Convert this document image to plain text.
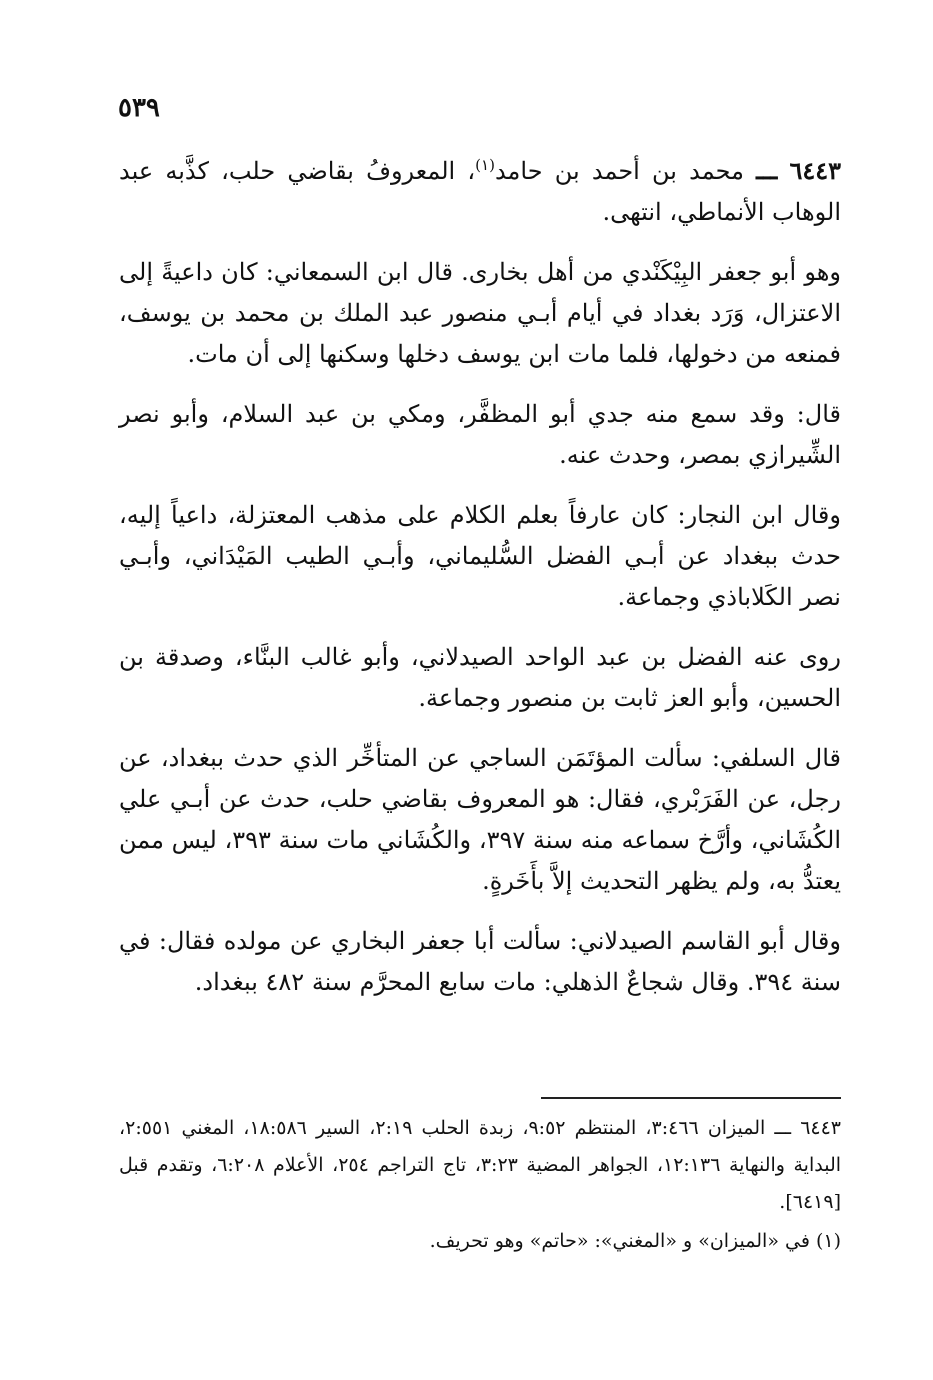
٥٣٩

٦٤٤٣ ـــ محمد بن أحمد بن حامد$^{(١)}$، المعروفُ بقاضي حلب، كذَّبه عبد الوهاب الأنماطي، انتهى.

وهو أبو جعفر البِيْكَنْدي من أهل بخارى. قال ابن السمعاني: كان داعيةً إلى الاعتزال، وَرَد بغداد في أيام أبـي منصور عبد الملك بن محمد بن يوسف، فمنعه من دخولها، فلما مات ابن يوسف دخلها وسكنها إلى أن مات.

قال: وقد سمع منه جدي أبو المظفَّر، ومكي بن عبد السلام، وأبو نصر الشِّيرازي بمصر، وحدث عنه.

وقال ابن النجار: كان عارفاً بعلم الكلام على مذهب المعتزلة، داعياً إليه، حدث ببغداد عن أبـي الفضل السُّليماني، وأبـي الطيب المَيْدَاني، وأبـي نصر الكَلاباذي وجماعة.

روى عنه الفضل بن عبد الواحد الصيدلاني، وأبو غالب البنَّاء، وصدقة بن الحسين، وأبو العز ثابت بن منصور وجماعة.

قال السلفي: سألت المؤتَمَن الساجي عن المتأخِّر الذي حدث ببغداد، عن رجل، عن الفَرَبْري، فقال: هو المعروف بقاضي حلب، حدث عن أبـي علي الكُشَاني، وأرَّخ سماعه منه سنة ٣٩٧، والكُشَاني مات سنة ٣٩٣، ليس ممن يعتدُّ به، ولم يظهر التحديث إلاَّ بأَخَرةٍ.

وقال أبو القاسم الصيدلاني: سألت أبا جعفر البخاري عن مولده فقال: في سنة ٣٩٤. وقال شجاعٌ الذهلي: مات سابع المحرَّم سنة ٤٨٢ ببغداد.

٦٤٤٣ ـــ الميزان ٣:٤٦٦، المنتظم ٩:٥٢، زبدة الحلب ٢:١٩، السير ١٨:٥٨٦، المغني ٢:٥٥١، البداية والنهاية ١٢:١٣٦، الجواهر المضية ٣:٢٣، تاج التراجم ٢٥٤، الأعلام ٦:٢٠٨، وتقدم قبل [٦٤١٩].

(١) في «الميزان» و «المغني»: «حاتم» وهو تحريف.
